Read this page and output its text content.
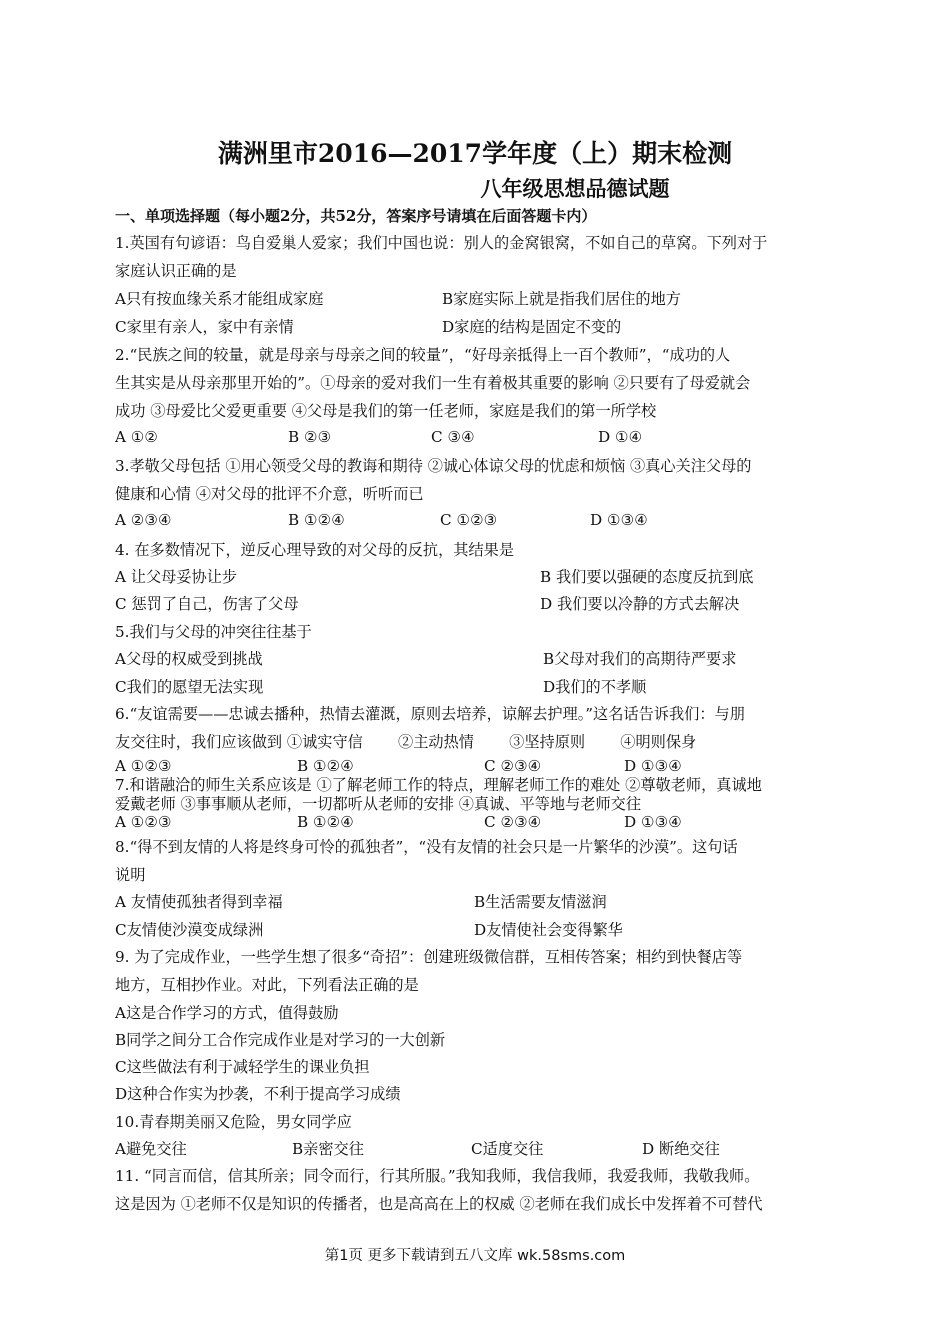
满洲里市2016—2017学年度（上）期末检测
八年级思想品德试题
一、单项选择题（每小题2分，共52分，答案序号请填在后面答题卡内）
1.英国有句谚语：鸟自爱巢人爱家；我们中国也说：别人的金窝银窝，不如自己的草窝。下列对于
家庭认识正确的是
A只有按血缘关系才能组成家庭	B家庭实际上就是指我们居住的地方
C家里有亲人，家中有亲情	D家庭的结构是固定不变的
2.“民族之间的较量，就是母亲与母亲之间的较量”，“好母亲抵得上一百个教师”，“成功的人
生其实是从母亲那里开始的”。①母亲的爱对我们一生有着极其重要的影响 ②只要有了母爱就会
成功 ③母爱比父爱更重要 ④父母是我们的第一任老师，家庭是我们的第一所学校
A ①②	B ②③	C ③④	D ①④
3.孝敬父母包括 ①用心领受父母的教诲和期待 ②诚心体谅父母的忧虑和烦恼 ③真心关注父母的
健康和心情 ④对父母的批评不介意，听听而已
A ②③④	B ①②④	C ①②③	D ①③④
4. 在多数情况下，逆反心理导致的对父母的反抗，其结果是
A 让父母妥协让步	B 我们要以强硬的态度反抗到底
C 惩罚了自己，伤害了父母	D 我们要以冷静的方式去解决
5.我们与父母的冲突往往基于
A父母的权威受到挑战	B父母对我们的高期待严要求
C我们的愿望无法实现	D我们的不孝顺
6.“友谊需要——忠诚去播种，热情去灌溉，原则去培养，谅解去护理。”这名话告诉我们：与朋
友交往时，我们应该做到 ①诚实守信 　　②主动热情 　　③坚持原则 　　④明则保身
A ①②③	B ①②④	C ②③④	D ①③④
7.和谐融洽的师生关系应该是 ①了解老师工作的特点，理解老师工作的难处 ②尊敬老师，真诚地
爱戴老师 ③事事顺从老师，一切都听从老师的安排 ④真诚、平等地与老师交往
A ①②③	B ①②④	C ②③④	D ①③④
8.“得不到友情的人将是终身可怜的孤独者”，“没有友情的社会只是一片繁华的沙漠”。这句话
说明
A 友情使孤独者得到幸福	B生活需要友情滋润
C友情使沙漠变成绿洲	D友情使社会变得繁华
9. 为了完成作业，一些学生想了很多“奇招”：创建班级微信群，互相传答案；相约到快餐店等
地方，互相抄作业。对此，下列看法正确的是
A这是合作学习的方式，值得鼓励
B同学之间分工合作完成作业是对学习的一大创新
C这些做法有利于减轻学生的课业负担
D这种合作实为抄袭，不利于提高学习成绩
10.青春期美丽又危险，男女同学应
A避免交往	B亲密交往	C适度交往	D 断绝交往
11. “同言而信，信其所亲；同令而行，行其所服。”我知我师，我信我师，我爱我师，我敬我师。
这是因为 ①老师不仅是知识的传播者，也是高高在上的权威 ②老师在我们成长中发挥着不可替代
第1页 更多下载请到五八文库 wk.58sms.com
